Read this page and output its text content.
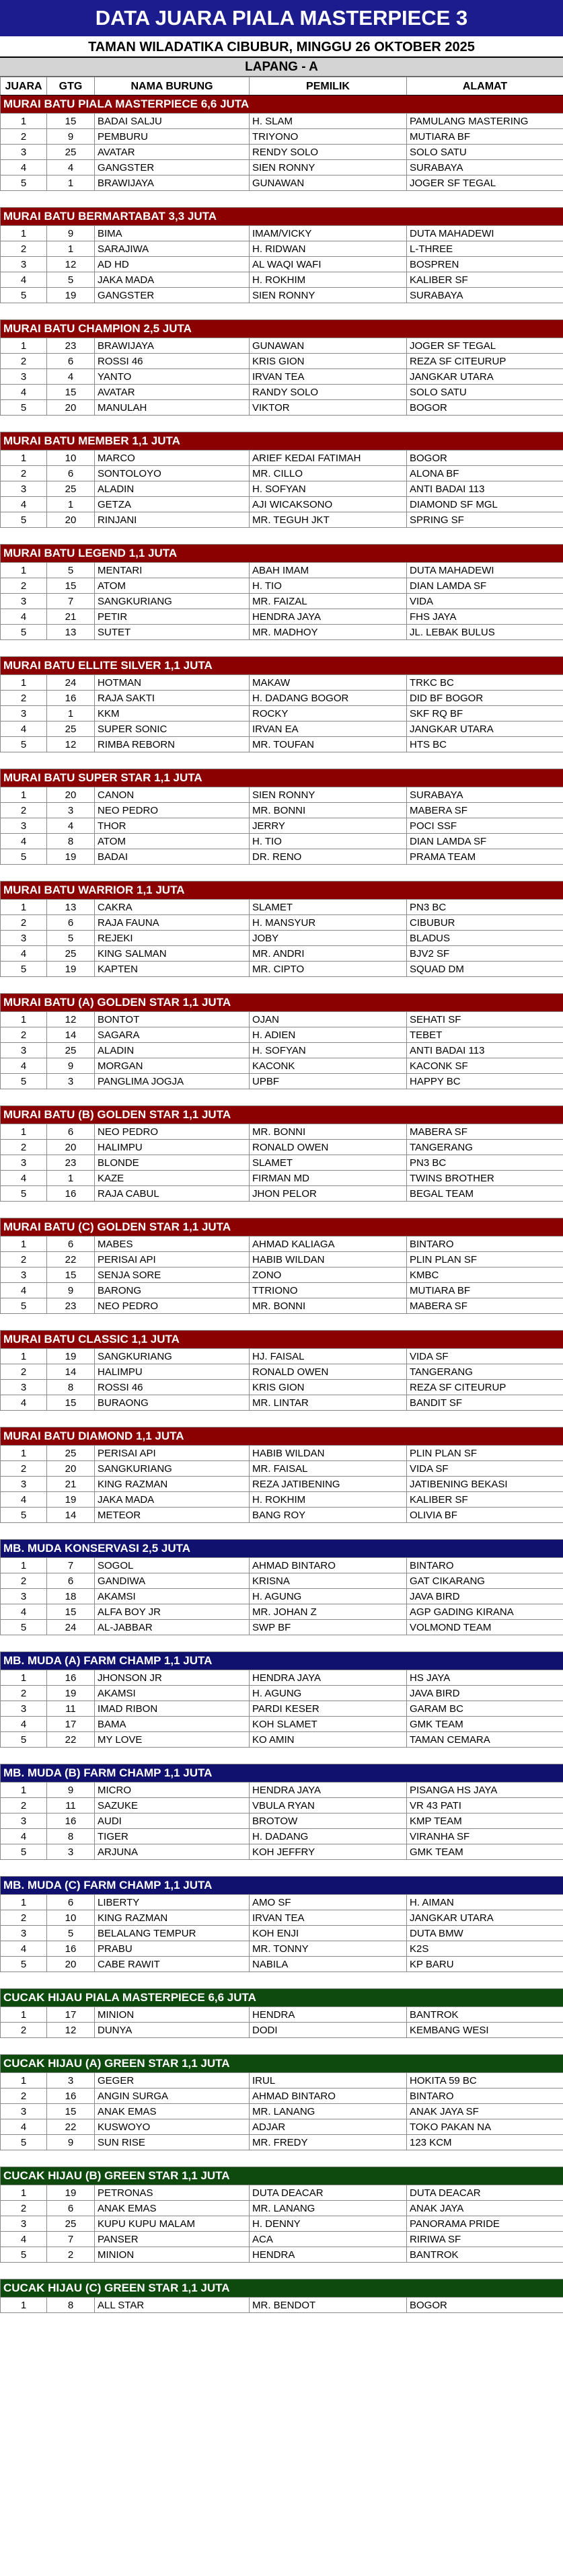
DATA JUARA PIALA MASTERPIECE 3
TAMAN WILADATIKA CIBUBUR, MINGGU 26 OKTOBER 2025
LAPANG - A
JUARA	GTG	NAMA BURUNG	PEMILIK	ALAMAT
MURAI BATU PIALA MASTERPIECE 6,6 JUTA				
1	15	BADAI SALJU	H. SLAM	PAMULANG MASTERING
2	9	PEMBURU	TRIYONO	MUTIARA BF
3	25	AVATAR	RENDY SOLO	SOLO SATU
4	4	GANGSTER	SIEN RONNY	SURABAYA
5	1	BRAWIJAYA	GUNAWAN	JOGER SF TEGAL

MURAI BATU BERMARTABAT 3,3 JUTA				
1	9	BIMA	IMAM/VICKY	DUTA MAHADEWI
2	1	SARAJIWA	H. RIDWAN	L-THREE
3	12	AD HD	AL WAQI WAFI	BOSPREN
4	5	JAKA MADA	H. ROKHIM	KALIBER SF
5	19	GANGSTER	SIEN RONNY	SURABAYA

MURAI BATU CHAMPION 2,5 JUTA				
1	23	BRAWIJAYA	GUNAWAN	JOGER SF TEGAL
2	6	ROSSI 46	KRIS GION	REZA SF CITEURUP
3	4	YANTO	IRVAN TEA	JANGKAR UTARA
4	15	AVATAR	RANDY SOLO	SOLO SATU
5	20	MANULAH	VIKTOR	BOGOR

MURAI BATU MEMBER 1,1 JUTA				
1	10	MARCO	ARIEF KEDAI FATIMAH	BOGOR
2	6	SONTOLOYO	MR. CILLO	ALONA BF
3	25	ALADIN	H. SOFYAN	ANTI BADAI 113
4	1	GETZA	AJI WICAKSONO	DIAMOND SF MGL
5	20	RINJANI	MR. TEGUH JKT	SPRING SF

MURAI BATU LEGEND 1,1 JUTA				
1	5	MENTARI	ABAH IMAM	DUTA MAHADEWI
2	15	ATOM	H. TIO	DIAN LAMDA SF
3	7	SANGKURIANG	MR. FAIZAL	VIDA
4	21	PETIR	HENDRA JAYA	FHS JAYA
5	13	SUTET	MR. MADHOY	JL. LEBAK BULUS

MURAI BATU ELLITE SILVER 1,1 JUTA				
1	24	HOTMAN	MAKAW	TRKC BC
2	16	RAJA SAKTI	H. DADANG BOGOR	DID BF BOGOR
3	1	KKM	ROCKY	SKF RQ BF
4	25	SUPER SONIC	IRVAN EA	JANGKAR UTARA
5	12	RIMBA REBORN	MR. TOUFAN	HTS BC

MURAI BATU SUPER STAR 1,1 JUTA				
1	20	CANON	SIEN RONNY	SURABAYA
2	3	NEO PEDRO	MR. BONNI	MABERA SF
3	4	THOR	JERRY	POCI SSF
4	8	ATOM	H. TIO	DIAN LAMDA SF
5	19	BADAI	DR. RENO	PRAMA TEAM

MURAI BATU WARRIOR 1,1 JUTA				
1	13	CAKRA	SLAMET	PN3 BC
2	6	RAJA FAUNA	H. MANSYUR	CIBUBUR
3	5	REJEKI	JOBY	BLADUS
4	25	KING SALMAN	MR. ANDRI	BJV2 SF
5	19	KAPTEN	MR. CIPTO	SQUAD DM

MURAI BATU (A) GOLDEN STAR 1,1 JUTA				
1	12	BONTOT	OJAN	SEHATI SF
2	14	SAGARA	H. ADIEN	TEBET
3	25	ALADIN	H. SOFYAN	ANTI BADAI 113
4	9	MORGAN	KACONK	KACONK SF
5	3	PANGLIMA JOGJA	UPBF	HAPPY BC

MURAI BATU (B) GOLDEN STAR 1,1 JUTA				
1	6	NEO PEDRO	MR. BONNI	MABERA SF
2	20	HALIMPU	RONALD OWEN	TANGERANG
3	23	BLONDE	SLAMET	PN3 BC
4	1	KAZE	FIRMAN MD	TWINS BROTHER
5	16	RAJA CABUL	JHON PELOR	BEGAL TEAM

MURAI BATU (C) GOLDEN STAR 1,1 JUTA				
1	6	MABES	AHMAD KALIAGA	BINTARO
2	22	PERISAI API	HABIB WILDAN	PLIN PLAN SF
3	15	SENJA SORE	ZONO	KMBC
4	9	BARONG	TTRIONO	MUTIARA BF
5	23	NEO PEDRO	MR. BONNI	MABERA SF

MURAI BATU CLASSIC 1,1 JUTA				
1	19	SANGKURIANG	HJ. FAISAL	VIDA SF
2	14	HALIMPU	RONALD OWEN	TANGERANG
3	8	ROSSI 46	KRIS GION	REZA SF CITEURUP
4	15	BURAONG	MR. LINTAR	BANDIT SF

MURAI BATU DIAMOND 1,1 JUTA				
1	25	PERISAI API	HABIB WILDAN	PLIN PLAN SF
2	20	SANGKURIANG	MR. FAISAL	VIDA SF
3	21	KING RAZMAN	REZA JATIBENING	JATIBENING BEKASI
4	19	JAKA MADA	H. ROKHIM	KALIBER SF
5	14	METEOR	BANG ROY	OLIVIA BF

MB. MUDA KONSERVASI 2,5 JUTA				
1	7	SOGOL	AHMAD BINTARO	BINTARO
2	6	GANDIWA	KRISNA	GAT CIKARANG
3	18	AKAMSI	H. AGUNG	JAVA BIRD
4	15	ALFA BOY JR	MR. JOHAN Z	AGP GADING KIRANA
5	24	AL-JABBAR	SWP BF	VOLMOND TEAM

MB. MUDA (A) FARM CHAMP 1,1 JUTA				
1	16	JHONSON JR	HENDRA JAYA	HS JAYA
2	19	AKAMSI	H. AGUNG	JAVA BIRD
3	11	IMAD RIBON	PARDI KESER	GARAM BC
4	17	BAMA	KOH SLAMET	GMK TEAM
5	22	MY LOVE	KO AMIN	TAMAN CEMARA

MB. MUDA (B) FARM CHAMP 1,1 JUTA				
1	9	MICRO	HENDRA JAYA	PISANGA HS JAYA
2	11	SAZUKE	VBULA RYAN	VR 43 PATI
3	16	AUDI	BROTOW	KMP TEAM
4	8	TIGER	H. DADANG	VIRANHA SF
5	3	ARJUNA	KOH JEFFRY	GMK TEAM

MB. MUDA (C) FARM CHAMP 1,1 JUTA				
1	6	LIBERTY	AMO SF	H. AIMAN
2	10	KING RAZMAN	IRVAN TEA	JANGKAR UTARA
3	5	BELALANG TEMPUR	KOH ENJI	DUTA BMW
4	16	PRABU	MR. TONNY	K2S
5	20	CABE RAWIT	NABILA	KP BARU

CUCAK HIJAU PIALA MASTERPIECE 6,6 JUTA				
1	17	MINION	HENDRA	BANTROK
2	12	DUNYA	DODI	KEMBANG WESI

CUCAK HIJAU (A) GREEN STAR 1,1 JUTA				
1	3	GEGER	IRUL	HOKITA 59 BC
2	16	ANGIN SURGA	AHMAD BINTARO	BINTARO
3	15	ANAK EMAS	MR. LANANG	ANAK JAYA SF
4	22	KUSWOYO	ADJAR	TOKO PAKAN NA
5	9	SUN RISE	MR. FREDY	123 KCM

CUCAK HIJAU (B) GREEN STAR 1,1 JUTA				
1	19	PETRONAS	DUTA DEACAR	DUTA DEACAR
2	6	ANAK EMAS	MR. LANANG	ANAK JAYA
3	25	KUPU KUPU MALAM	H. DENNY	PANORAMA PRIDE
4	7	PANSER	ACA	RIRIWA SF
5	2	MINION	HENDRA	BANTROK

CUCAK HIJAU (C) GREEN STAR 1,1 JUTA				
1	8	ALL STAR	MR. BENDOT	BOGOR
